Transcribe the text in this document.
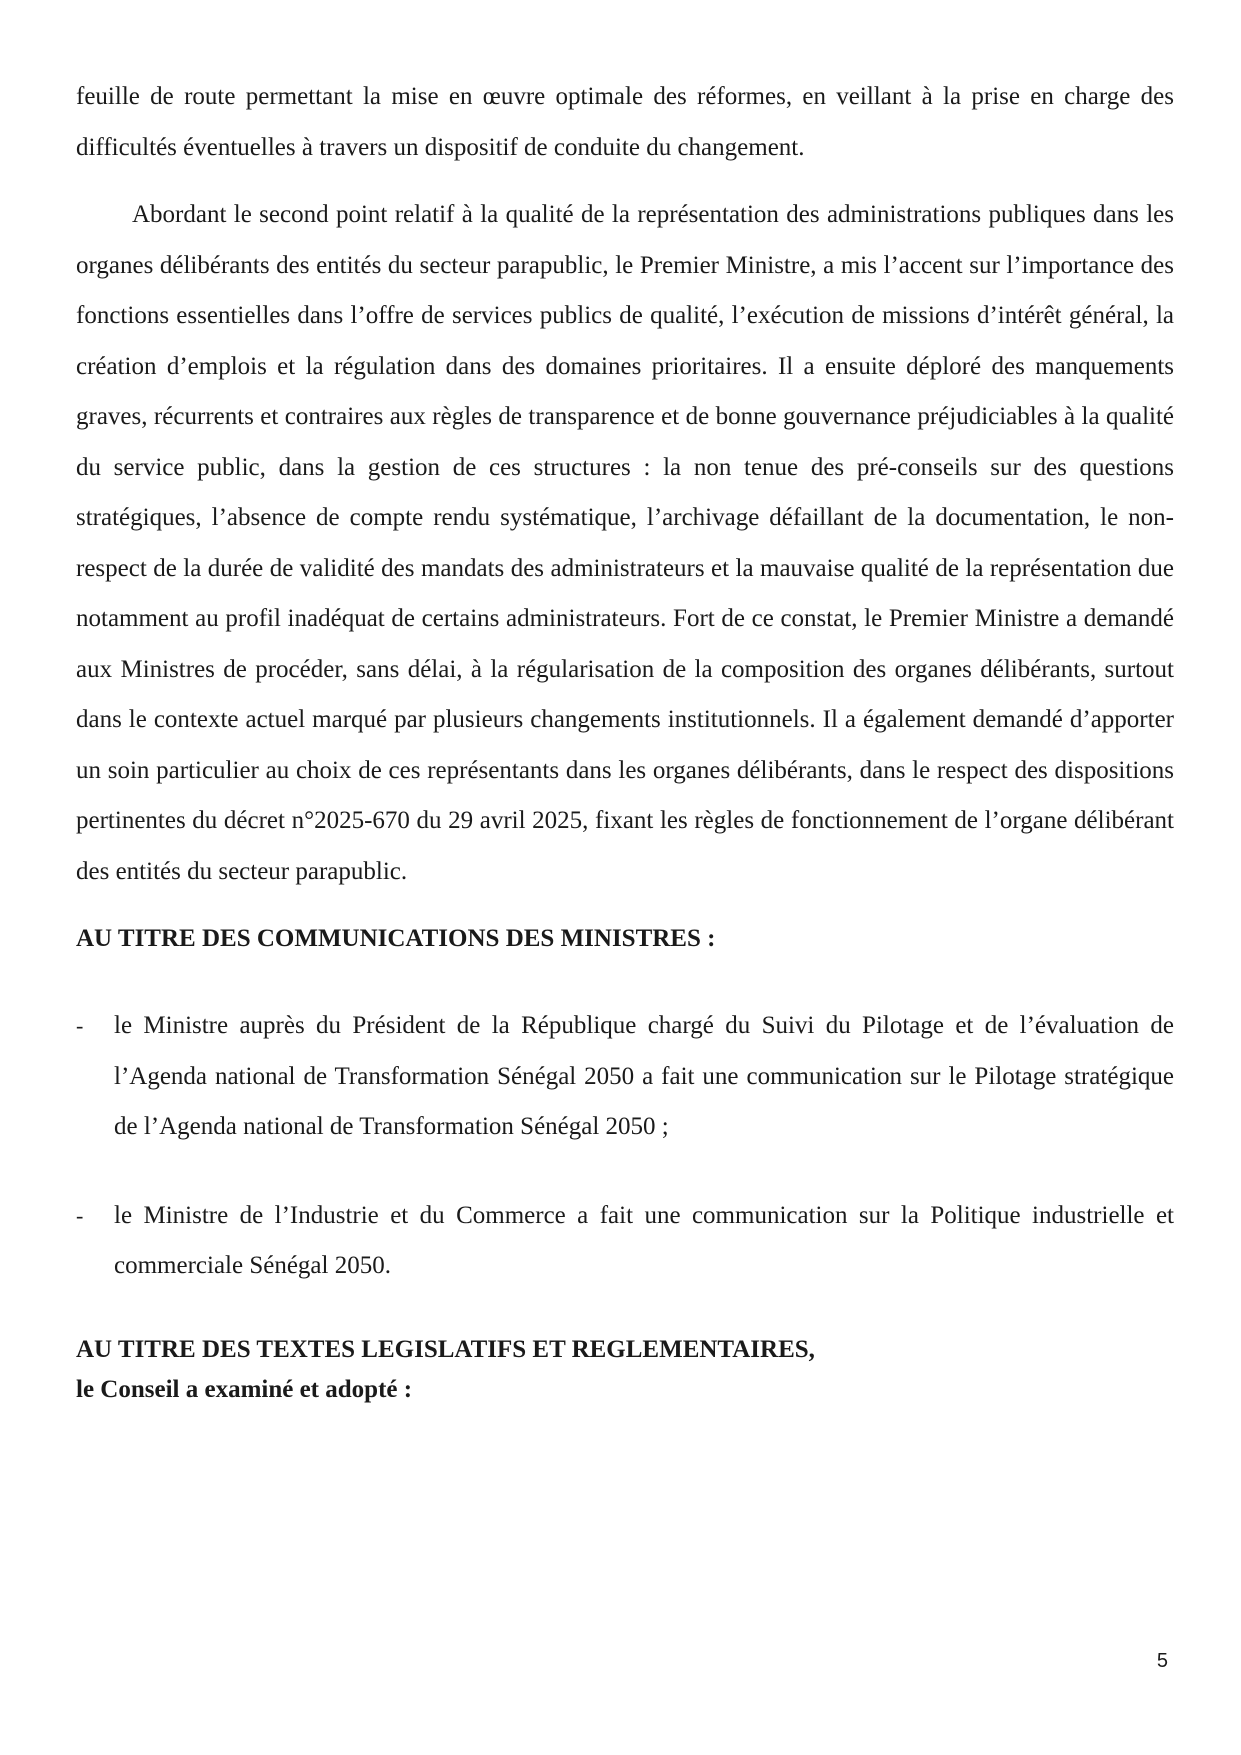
feuille de route permettant la mise en œuvre optimale des réformes, en veillant à la prise en charge des difficultés éventuelles à travers un dispositif de conduite du changement.

Abordant le second point relatif à la qualité de la représentation des administrations publiques dans les organes délibérants des entités du secteur parapublic, le Premier Ministre, a mis l’accent sur l’importance des fonctions essentielles dans l’offre de services publics de qualité, l’exécution de missions d’intérêt général, la création d’emplois et la régulation dans des domaines prioritaires. Il a ensuite déploré des manquements graves, récurrents et contraires aux règles de transparence et de bonne gouvernance préjudiciables à la qualité du service public, dans la gestion de ces structures : la non tenue des pré-conseils sur des questions stratégiques, l’absence de compte rendu systématique, l’archivage défaillant de la documentation, le non-respect de la durée de validité des mandats des administrateurs et la mauvaise qualité de la représentation due notamment au profil inadéquat de certains administrateurs. Fort de ce constat, le Premier Ministre a demandé aux Ministres de procéder, sans délai, à la régularisation de la composition des organes délibérants, surtout dans le contexte actuel marqué par plusieurs changements institutionnels. Il a également demandé d’apporter un soin particulier au choix de ces représentants dans les organes délibérants, dans le respect des dispositions pertinentes du décret n°2025-670 du 29 avril 2025, fixant les règles de fonctionnement de l’organe délibérant des entités du secteur parapublic.

AU TITRE DES COMMUNICATIONS DES MINISTRES :

-	le Ministre auprès du Président de la République chargé du Suivi du Pilotage et de l’évaluation de l’Agenda national de Transformation Sénégal 2050 a fait une communication sur le Pilotage stratégique de l’Agenda national de Transformation Sénégal 2050 ;
-	le Ministre de l’Industrie et du Commerce a fait une communication sur la Politique industrielle et commerciale Sénégal 2050.

AU TITRE DES TEXTES LEGISLATIFS ET REGLEMENTAIRES,

le Conseil a examiné et adopté :

5
